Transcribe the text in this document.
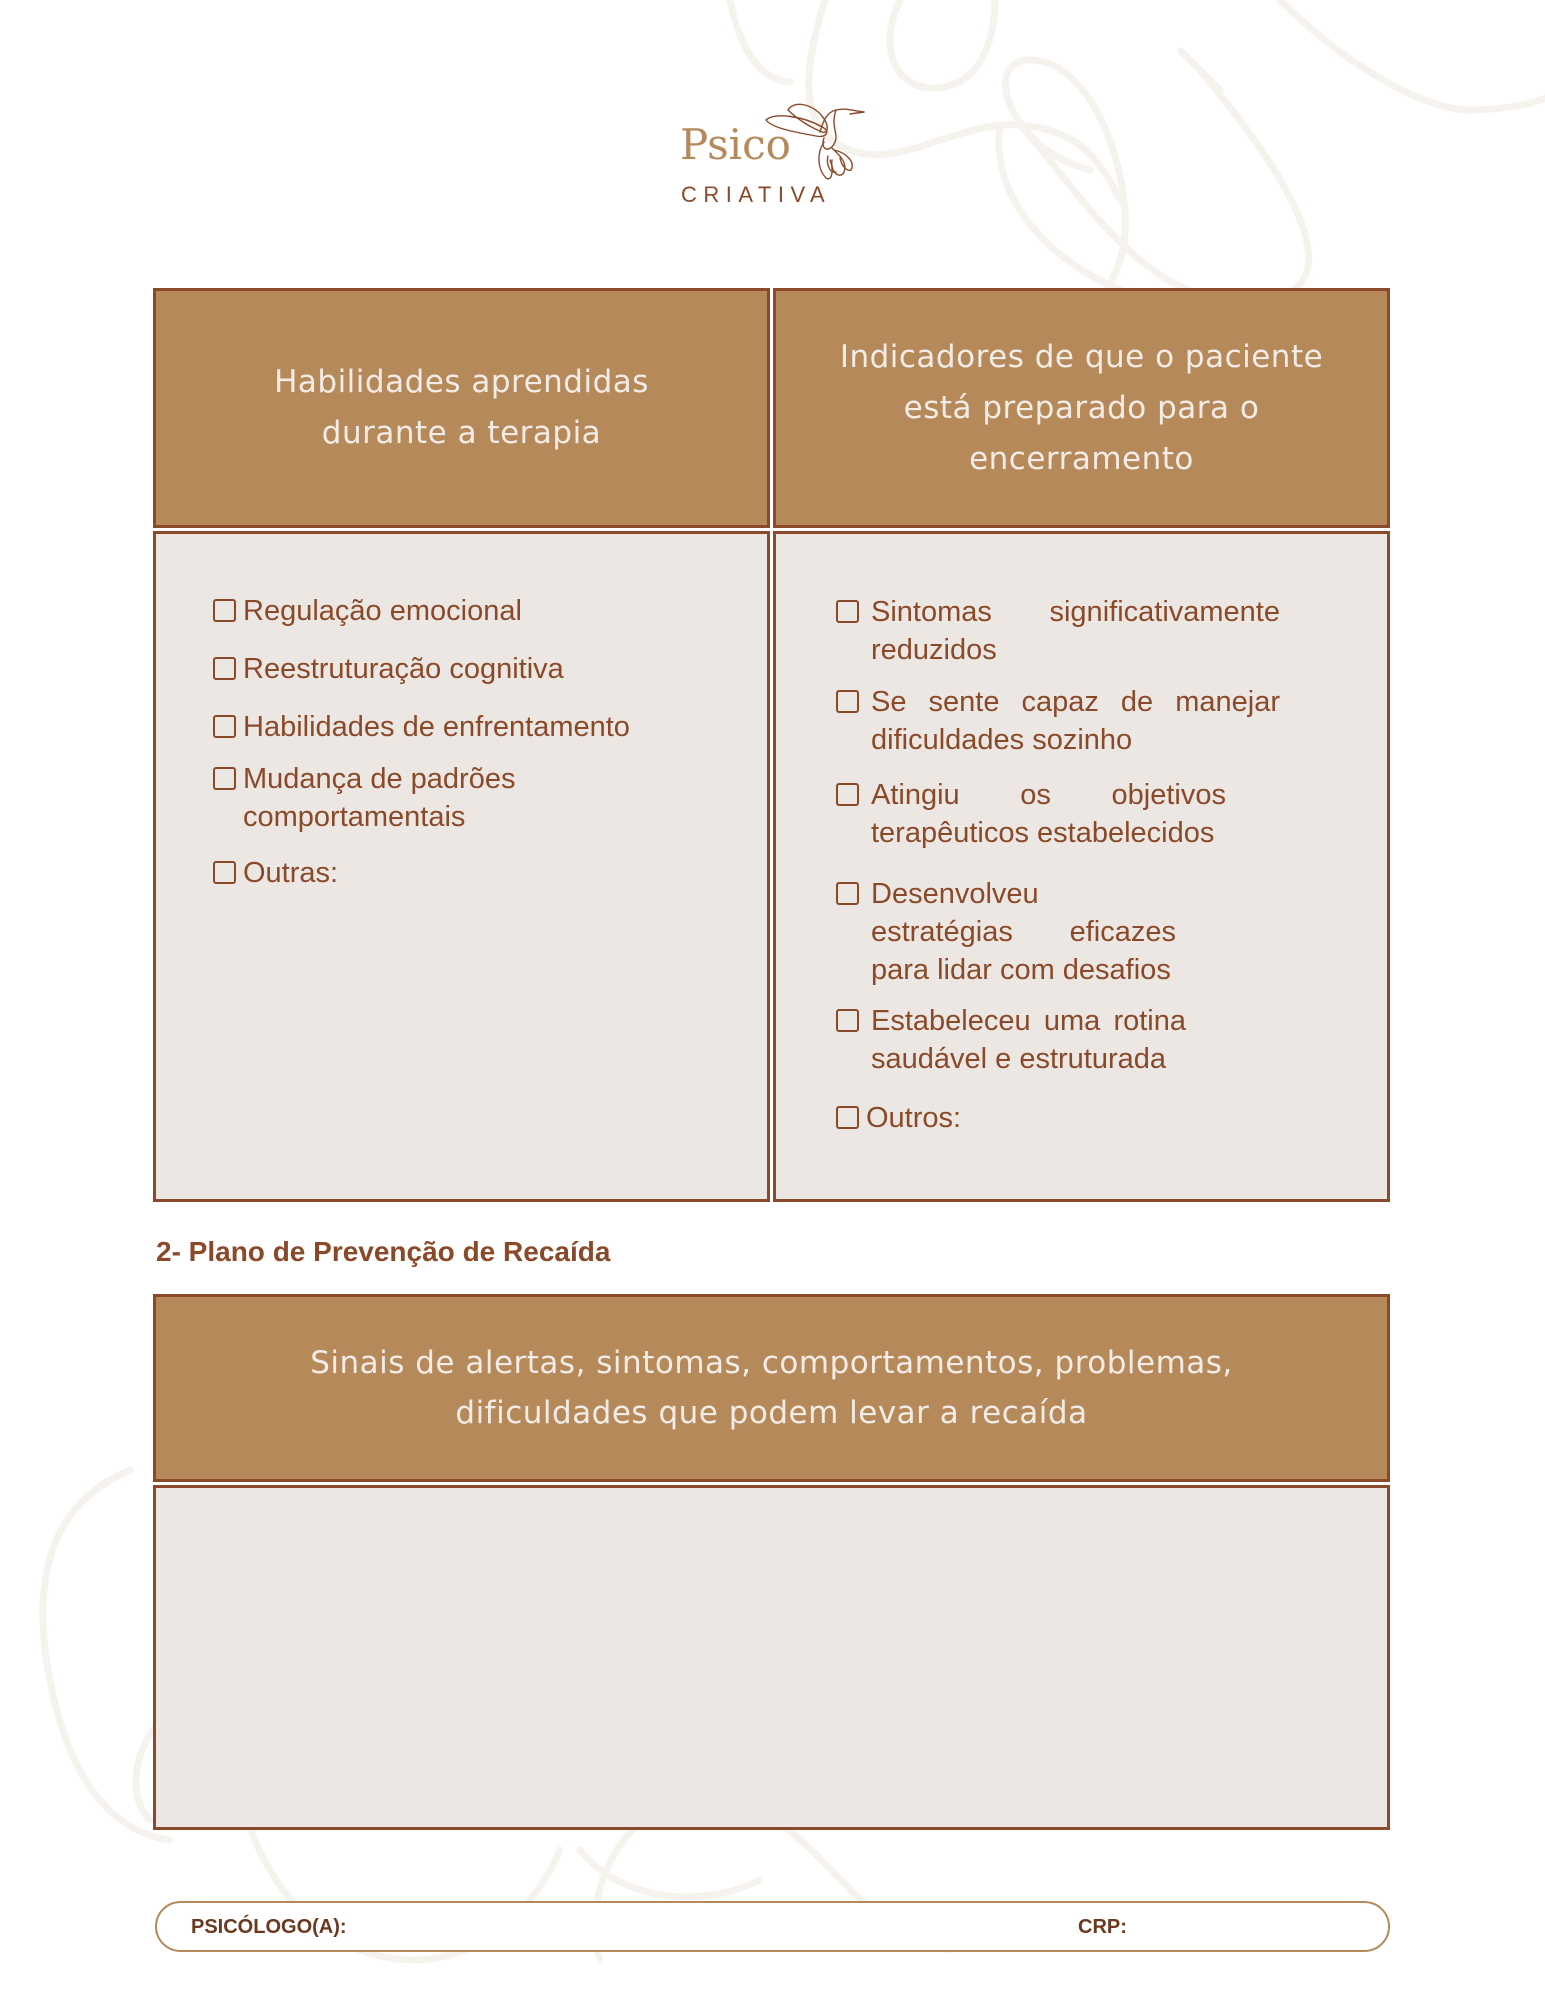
Psico
CRIATIVA
Habilidades aprendidas
durante a terapia
Indicadores de que o paciente
está preparado para o
encerramento
Regulação emocional
Reestruturação cognitiva
Habilidades de enfrentamento
Mudança de padrões comportamentais
Outras:
Sintomas significativamente reduzidos
Se sente capaz de manejar dificuldades sozinho
Atingiu os objetivos terapêuticos estabelecidos
Desenvolveu estratégias eficazes para lidar com desafios
Estabeleceu uma rotina saudável e estruturada
Outros:
2- Plano de Prevenção de Recaída
Sinais de alertas, sintomas, comportamentos, problemas,
dificuldades que podem levar a recaída
PSICÓLOGO(A):	CRP:
